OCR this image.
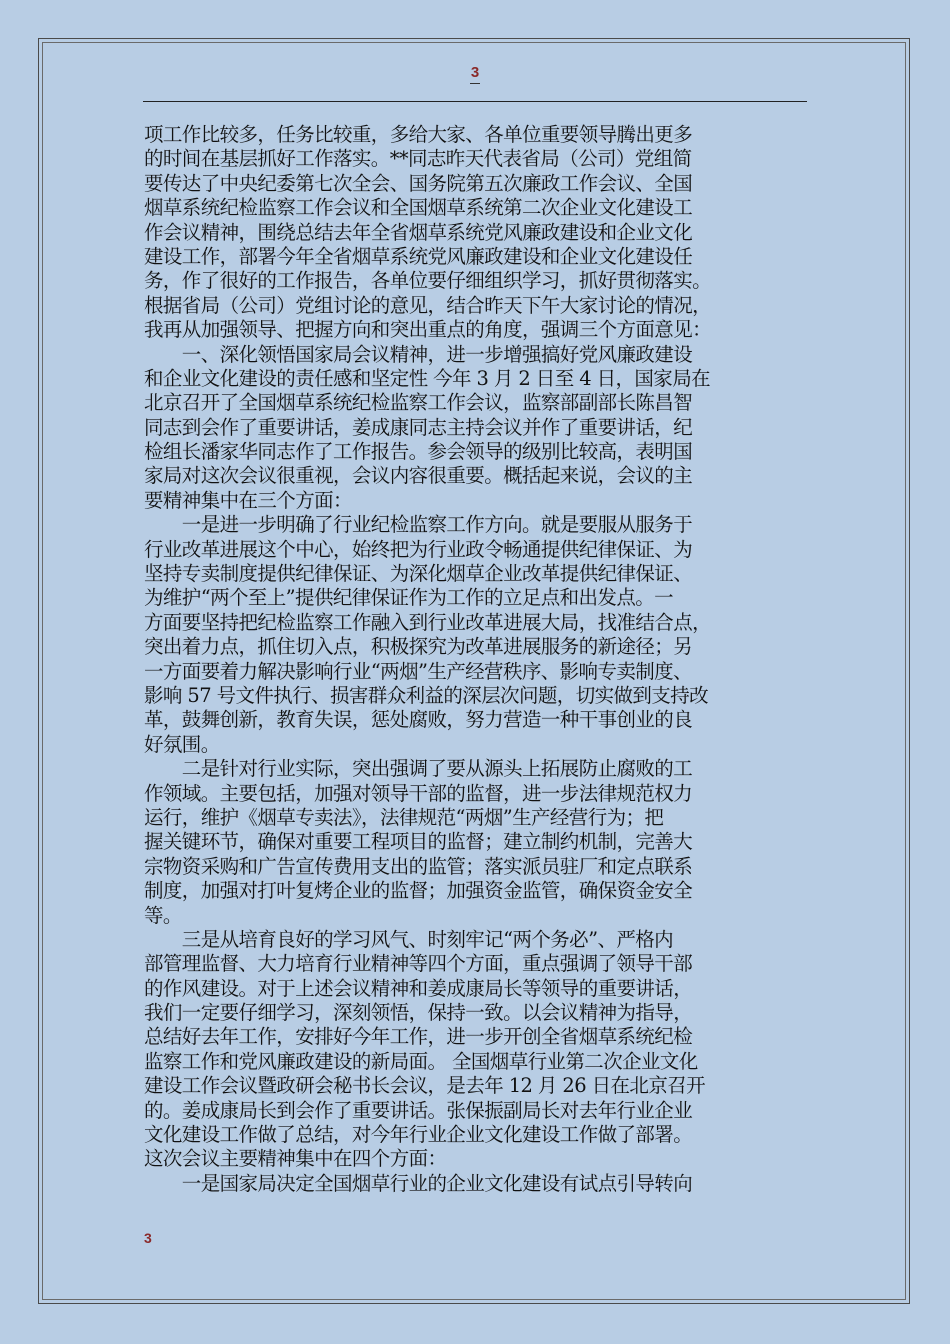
3
项工作比较多，任务比较重，多给大家、各单位重要领导腾出更多
的时间在基层抓好工作落实。**同志昨天代表省局（公司）党组简
要传达了中央纪委第七次全会、国务院第五次廉政工作会议、全国
烟草系统纪检监察工作会议和全国烟草系统第二次企业文化建设工
作会议精神，围绕总结去年全省烟草系统党风廉政建设和企业文化
建设工作，部署今年全省烟草系统党风廉政建设和企业文化建设任
务，作了很好的工作报告，各单位要仔细组织学习，抓好贯彻落实。
根据省局（公司）党组讨论的意见，结合昨天下午大家讨论的情况，
我再从加强领导、把握方向和突出重点的角度，强调三个方面意见：
　　一、深化领悟国家局会议精神，进一步增强搞好党风廉政建设
和企业文化建设的责任感和坚定性 今年 3 月 2 日至 4 日，国家局在
北京召开了全国烟草系统纪检监察工作会议，监察部副部长陈昌智
同志到会作了重要讲话，姜成康同志主持会议并作了重要讲话，纪
检组长潘家华同志作了工作报告。参会领导的级别比较高，表明国
家局对这次会议很重视，会议内容很重要。概括起来说，会议的主
要精神集中在三个方面：
　　一是进一步明确了行业纪检监察工作方向。就是要服从服务于
行业改革进展这个中心，始终把为行业政令畅通提供纪律保证、为
坚持专卖制度提供纪律保证、为深化烟草企业改革提供纪律保证、
为维护“两个至上”提供纪律保证作为工作的立足点和出发点。一
方面要坚持把纪检监察工作融入到行业改革进展大局，找准结合点，
突出着力点，抓住切入点，积极探究为改革进展服务的新途径；另
一方面要着力解决影响行业“两烟”生产经营秩序、影响专卖制度、
影响 57 号文件执行、损害群众利益的深层次问题，切实做到支持改
革，鼓舞创新，教育失误，惩处腐败，努力营造一种干事创业的良
好氛围。
　　二是针对行业实际，突出强调了要从源头上拓展防止腐败的工
作领域。主要包括，加强对领导干部的监督，进一步法律规范权力
运行，维护《烟草专卖法》，法律规范“两烟”生产经营行为；把
握关键环节，确保对重要工程项目的监督；建立制约机制，完善大
宗物资采购和广告宣传费用支出的监管；落实派员驻厂和定点联系
制度，加强对打叶复烤企业的监督；加强资金监管，确保资金安全
等。
　　三是从培育良好的学习风气、时刻牢记“两个务必”、严格内
部管理监督、大力培育行业精神等四个方面，重点强调了领导干部
的作风建设。对于上述会议精神和姜成康局长等领导的重要讲话，
我们一定要仔细学习，深刻领悟，保持一致。以会议精神为指导，
总结好去年工作，安排好今年工作，进一步开创全省烟草系统纪检
监察工作和党风廉政建设的新局面。 全国烟草行业第二次企业文化
建设工作会议暨政研会秘书长会议，是去年 12 月 26 日在北京召开
的。姜成康局长到会作了重要讲话。张保振副局长对去年行业企业
文化建设工作做了总结，对今年行业企业文化建设工作做了部署。
这次会议主要精神集中在四个方面：
　　一是国家局决定全国烟草行业的企业文化建设有试点引导转向
3
